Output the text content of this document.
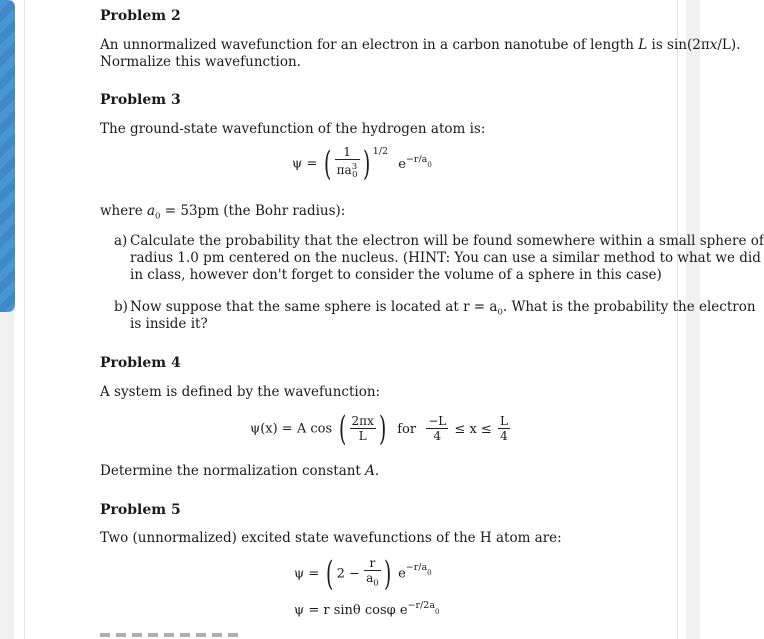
Problem 2
An unnormalized wavefunction for an electron in a carbon nanotube of length L is sin(2πx/L).
Normalize this wavefunction.
Problem 3
The ground-state wavefunction of the hydrogen atom is:
ψ = ( $\frac{1}{\pi a^3_0}$ ) $^{1/2}$ $e^{-r/a}_0$
where $a_0 = 53pm$ (the Bohr radius):
a) Calculate the probability that the electron will be found somewhere within a small sphere of
radius 1.0 pm centered on the nucleus. (HINT: You can use a similar method to what we did
in class, however don't forget to consider the volume of a sphere in this case)
b) Now suppose that the same sphere is located at $r = a_0$. What is the probability the electron
is inside it?
Problem 4
A system is defined by the wavefunction:
ψ(x) = A cos ( $\frac{2\pi x}{L}$ ) for $\frac{-L}{4} \le x \le \frac{L}{4}$
Determine the normalization constant A.
Problem 5
Two (unnormalized) excited state wavefunctions of the H atom are:
ψ = ( $2 - \frac{r}{a_0}$ ) $e^{-r/a}_0$
ψ = r sinθ cosφ $e^{-r/2a}_0$
